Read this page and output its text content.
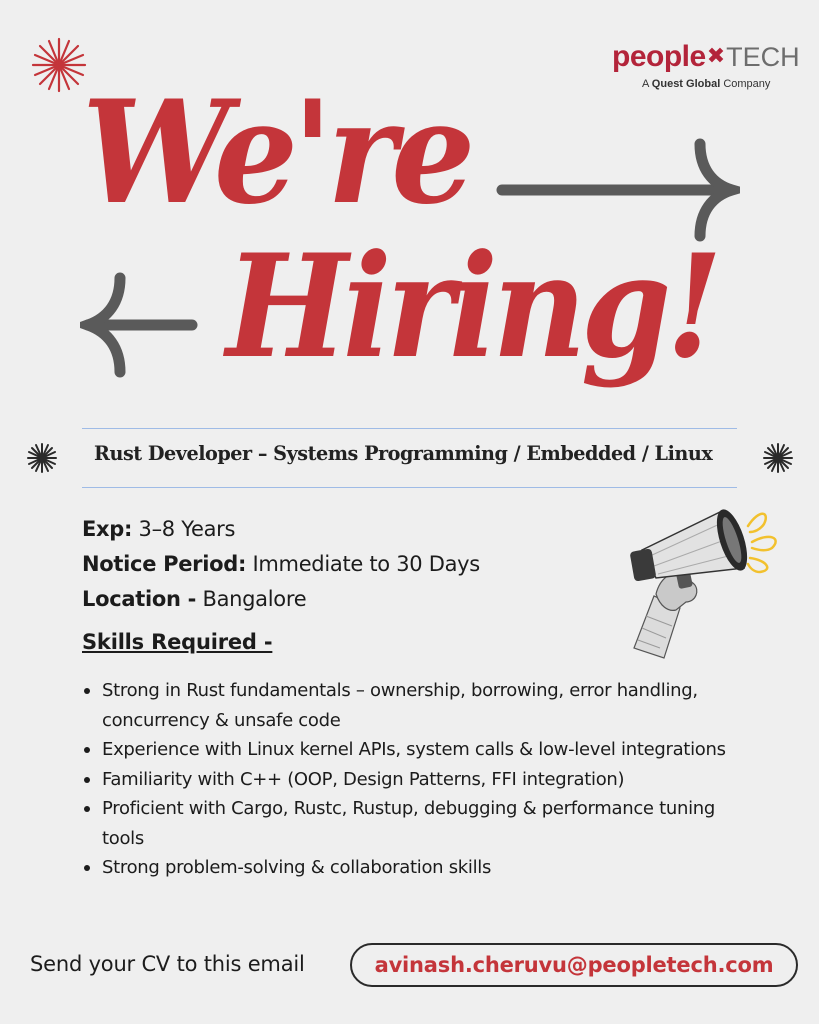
people✖TECH
A Quest Global Company
We're
Hiring!
Rust Developer – Systems Programming / Embedded / Linux
Exp: 3–8 Years
Notice Period: Immediate to 30 Days
Location - Bangalore
Skills Required -
Strong in Rust fundamentals – ownership, borrowing, error handling, concurrency & unsafe code
Experience with Linux kernel APIs, system calls & low-level integrations
Familiarity with C++ (OOP, Design Patterns, FFI integration)
Proficient with Cargo, Rustc, Rustup, debugging & performance tuning tools
Strong problem-solving & collaboration skills
Send your CV to this email	avinash.cheruvu@peopletech.com
